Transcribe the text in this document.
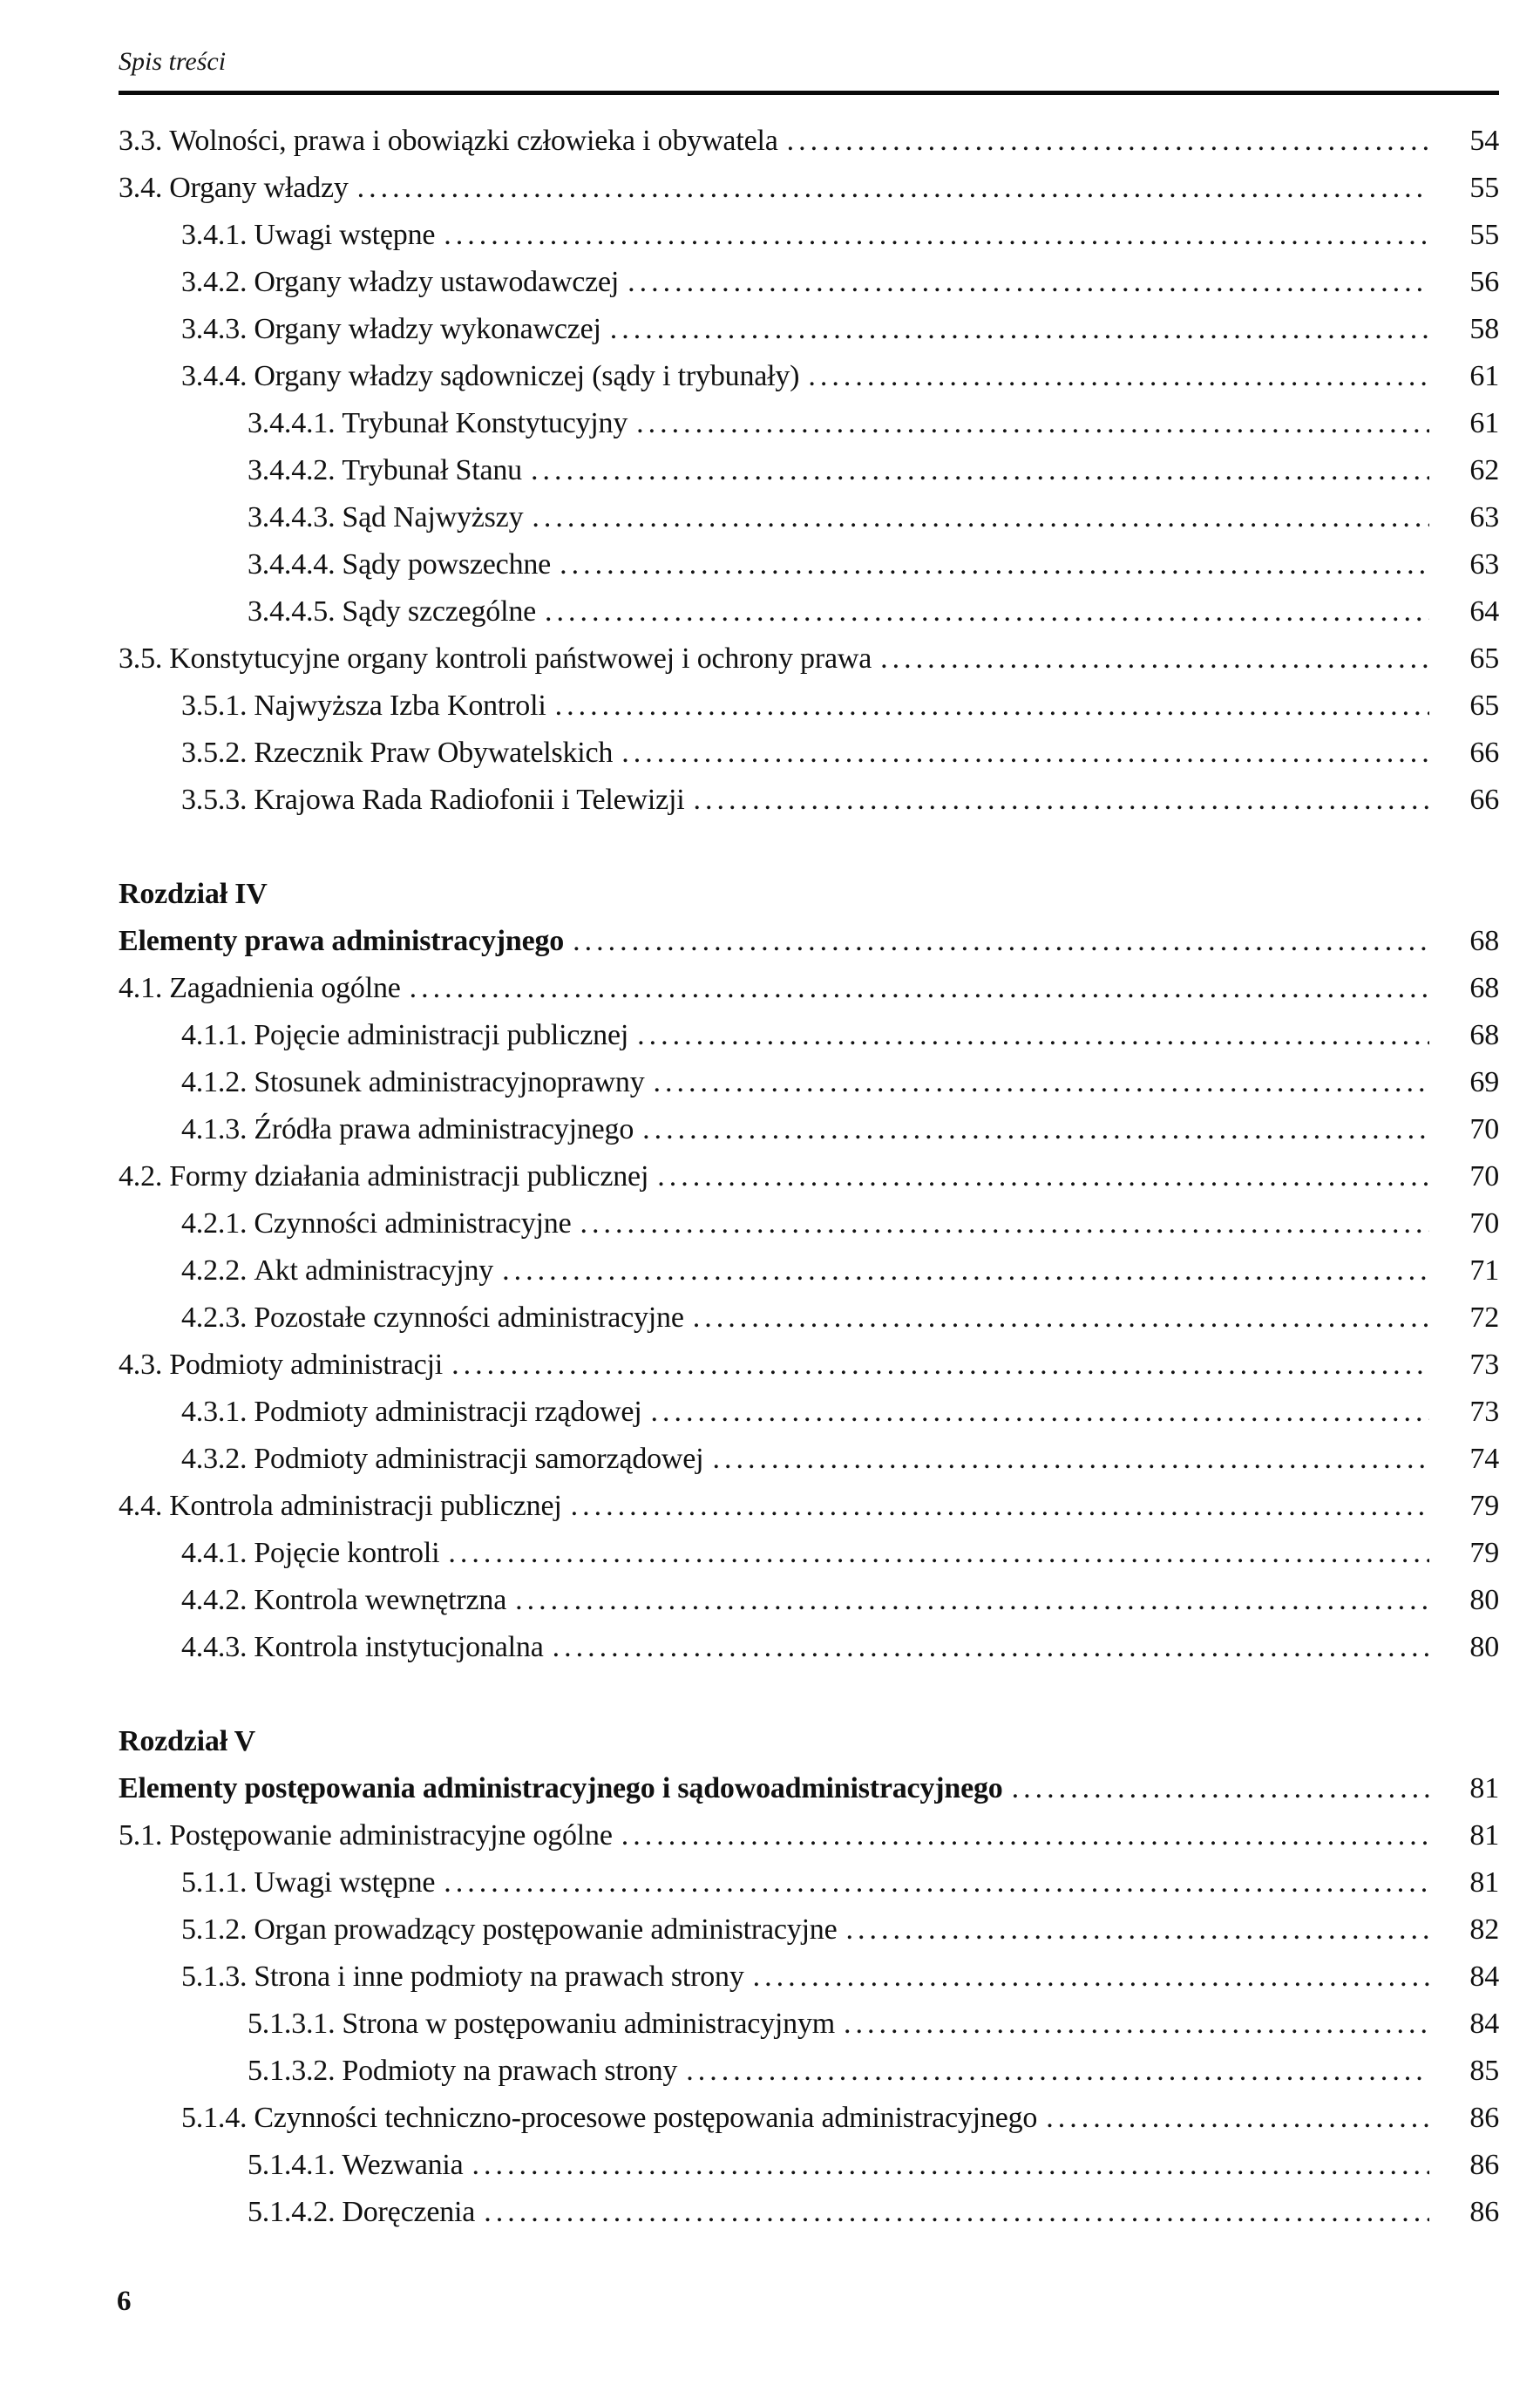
Spis treści
3.3. Wolności, prawa i obowiązki człowieka i obywatela .....	54
3.4. Organy władzy .....	55
3.4.1. Uwagi wstępne .....	55
3.4.2. Organy władzy ustawodawczej .....	56
3.4.3. Organy władzy wykonawczej .....	58
3.4.4. Organy władzy sądowniczej (sądy i trybunały) .....	61
3.4.4.1. Trybunał Konstytucyjny .....	61
3.4.4.2. Trybunał Stanu .....	62
3.4.4.3. Sąd Najwyższy .....	63
3.4.4.4. Sądy powszechne .....	63
3.4.4.5. Sądy szczególne .....	64
3.5. Konstytucyjne organy kontroli państwowej i ochrony prawa .....	65
3.5.1. Najwyższa Izba Kontroli .....	65
3.5.2. Rzecznik Praw Obywatelskich .....	66
3.5.3. Krajowa Rada Radiofonii i Telewizji .....	66
Rozdział IV
Elementy prawa administracyjnego .....	68
4.1. Zagadnienia ogólne .....	68
4.1.1. Pojęcie administracji publicznej .....	68
4.1.2. Stosunek administracyjnoprawny .....	69
4.1.3. Źródła prawa administracyjnego .....	70
4.2. Formy działania administracji publicznej .....	70
4.2.1. Czynności administracyjne .....	70
4.2.2. Akt administracyjny .....	71
4.2.3. Pozostałe czynności administracyjne .....	72
4.3. Podmioty administracji .....	73
4.3.1. Podmioty administracji rządowej .....	73
4.3.2. Podmioty administracji samorządowej .....	74
4.4. Kontrola administracji publicznej .....	79
4.4.1. Pojęcie kontroli .....	79
4.4.2. Kontrola wewnętrzna .....	80
4.4.3. Kontrola instytucjonalna .....	80
Rozdział V
Elementy postępowania administracyjnego i sądowoadministracyjnego .....	81
5.1. Postępowanie administracyjne ogólne .....	81
5.1.1. Uwagi wstępne .....	81
5.1.2. Organ prowadzący postępowanie administracyjne .....	82
5.1.3. Strona i inne podmioty na prawach strony .....	84
5.1.3.1. Strona w postępowaniu administracyjnym .....	84
5.1.3.2. Podmioty na prawach strony .....	85
5.1.4. Czynności techniczno-procesowe postępowania administracyjnego .....	86
5.1.4.1. Wezwania .....	86
5.1.4.2. Doręczenia .....	86
6
